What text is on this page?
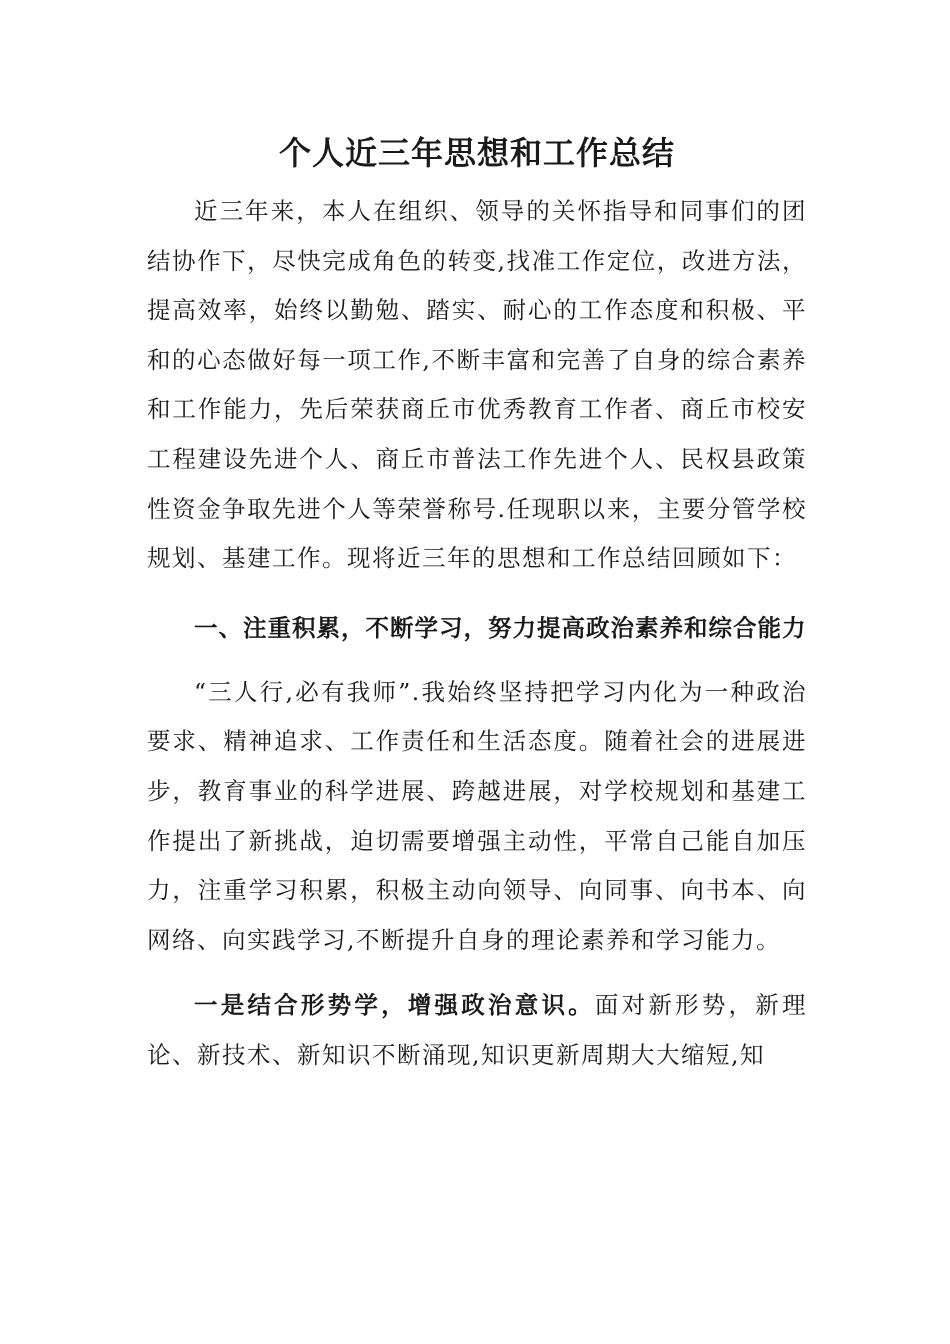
个人近三年思想和工作总结

近三年来，本人在组织、领导的关怀指导和同事们的团结协作下，尽快完成角色的转变,找准工作定位，改进方法，提高效率，始终以勤勉、踏实、耐心的工作态度和积极、平和的心态做好每一项工作,不断丰富和完善了自身的综合素养和工作能力，先后荣获商丘市优秀教育工作者、商丘市校安工程建设先进个人、商丘市普法工作先进个人、民权县政策性资金争取先进个人等荣誉称号.任现职以来，主要分管学校规划、基建工作。现将近三年的思想和工作总结回顾如下：

一、注重积累，不断学习，努力提高政治素养和综合能力

“三人行,必有我师”.我始终坚持把学习内化为一种政治要求、精神追求、工作责任和生活态度。随着社会的进展进步，教育事业的科学进展、跨越进展，对学校规划和基建工作提出了新挑战，迫切需要增强主动性，平常自己能自加压力，注重学习积累，积极主动向领导、向同事、向书本、向网络、向实践学习,不断提升自身的理论素养和学习能力。

一是结合形势学，增强政治意识。面对新形势，新理论、新技术、新知识不断涌现,知识更新周期大大缩短,知
